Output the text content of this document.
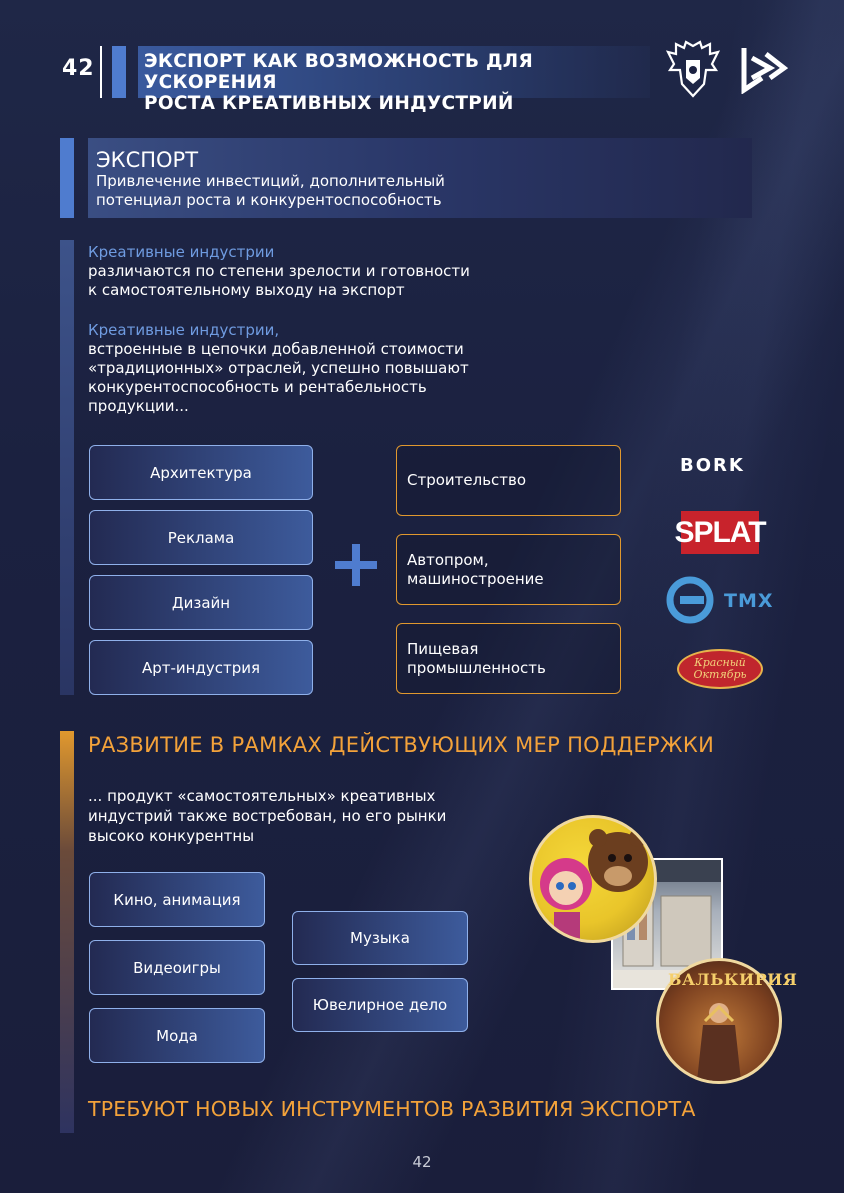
42	ЭКСПОРТ КАК ВОЗМОЖНОСТЬ ДЛЯ УСКОРЕНИЯ
РОСТА КРЕАТИВНЫХ ИНДУСТРИЙ
ЭКСПОРТ
Привлечение инвестиций, дополнительный
потенциал роста и конкурентоспособность
Креативные индустрии
различаются по степени зрелости и готовности
к самостоятельному выходу на экспорт
Креативные индустрии,
встроенные в цепочки добавленной стоимости
«традиционных» отраслей, успешно повышают
конкурентоспособность и рентабельность
продукции...
Архитектура
Реклама
Дизайн
Арт-индустрия
Строительство
Автопром,
машиностроение
Пищевая
промышленность
BORK
SPLAT
TMX
Красный
Октябрь
РАЗВИТИЕ В РАМКАХ ДЕЙСТВУЮЩИХ МЕР ПОДДЕРЖКИ
... продукт «самостоятельных» креативных
индустрий также востребован, но его рынки
высоко конкурентны
Кино, анимация
Видеоигры
Мода
Музыка
Ювелирное дело
ВАЛЬКИРИЯ
ТРЕБУЮТ НОВЫХ ИНСТРУМЕНТОВ РАЗВИТИЯ ЭКСПОРТА
42
